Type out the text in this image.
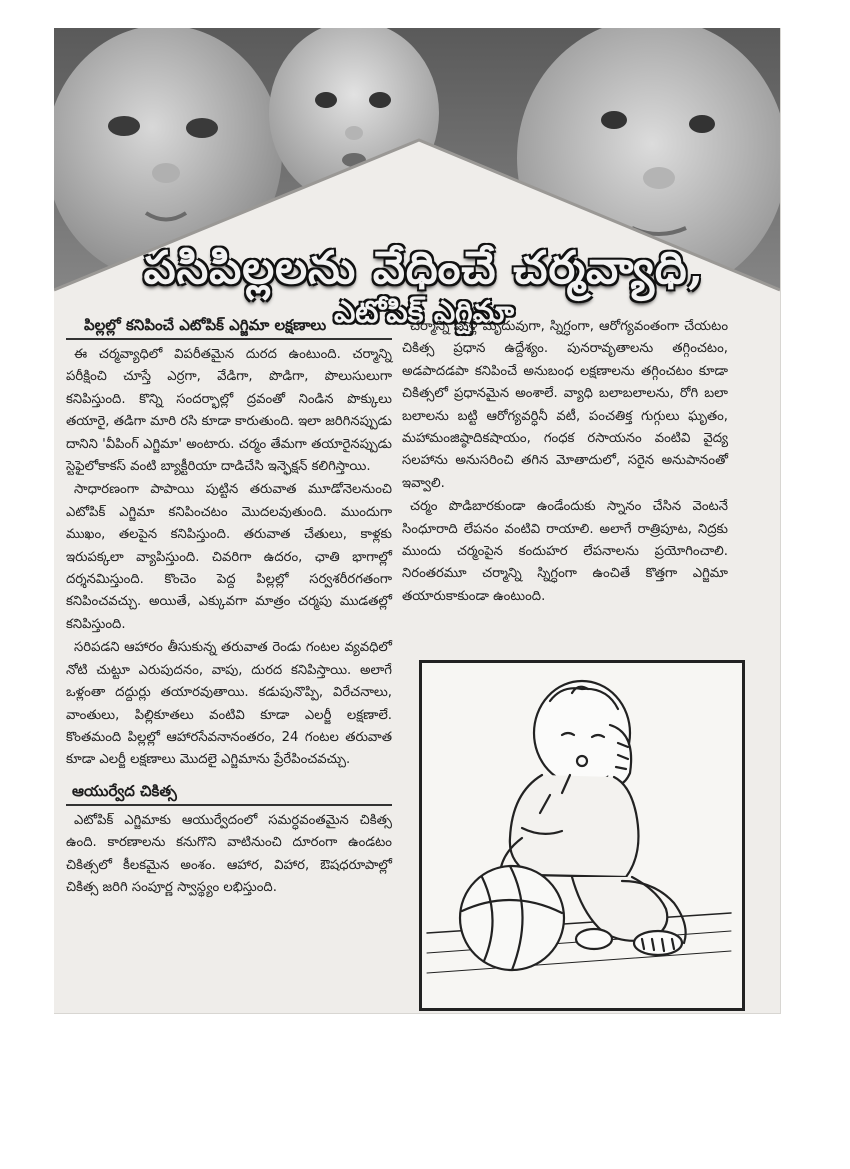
పసిపిల్లలను వేధించే చర్మవ్యాధి,
ఎటోపిక్ ఎగ్జిమా
పిల్లల్లో కనిపించే ఎటోపిక్ ఎగ్జిమా లక్షణాలు

ఈ చర్మవ్యాధిలో విపరీతమైన దురద ఉంటుంది. చర్మాన్ని పరీక్షించి చూస్తే ఎర్రగా, వేడిగా, పొడిగా, పొలుసులుగా కనిపిస్తుంది. కొన్ని సందర్భాల్లో ద్రవంతో నిండిన పొక్కులు తయారై, తడిగా మారి రసి కూడా కారుతుంది. ఇలా జరిగినప్పుడు దానిని 'వీపింగ్ ఎగ్జిమా' అంటారు. చర్మం తేమగా తయారైనప్పుడు స్టెఫైలోకాకస్ వంటి బ్యాక్టీరియా దాడిచేసి ఇన్ఫెక్షన్ కలిగిస్తాయి.

సాధారణంగా పాపాయి పుట్టిన తరువాత మూడోనెలనుంచి ఎటోపిక్ ఎగ్జిమా కనిపించటం మొదలవుతుంది. ముందుగా ముఖం, తలపైన కనిపిస్తుంది. తరువాత చేతులు, కాళ్లకు ఇరుపక్కలా వ్యాపిస్తుంది. చివరిగా ఉదరం, ఛాతి భాగాల్లో దర్శనమిస్తుంది. కొంచెం పెద్ద పిల్లల్లో సర్వశరీరగతంగా కనిపించవచ్చు. అయితే, ఎక్కువగా మాత్రం చర్మపు ముడతల్లో కనిపిస్తుంది.

సరిపడని ఆహారం తీసుకున్న తరువాత రెండు గంటల వ్యవధిలో నోటి చుట్టూ ఎరుపుదనం, వాపు, దురద కనిపిస్తాయి. అలాగే ఒళ్లంతా దద్దుర్లు తయారవుతాయి. కడుపునొప్పి, విరేచనాలు, వాంతులు, పిల్లికూతలు వంటివి కూడా ఎలర్జీ లక్షణాలే. కొంతమంది పిల్లల్లో ఆహారసేవనానంతరం, 24 గంటల తరువాత కూడా ఎలర్జీ లక్షణాలు మొదలై ఎగ్జిమాను ప్రేరేపించవచ్చు.

ఆయుర్వేద చికిత్స

ఎటోపిక్ ఎగ్జిమాకు ఆయుర్వేదంలో సమర్ధవంతమైన చికిత్స ఉంది. కారణాలను కనుగొని వాటినుంచి దూరంగా ఉండటం చికిత్సలో కీలకమైన అంశం. ఆహార, విహార, ఔషధరూపాల్లో చికిత్స జరిగి సంపూర్ణ స్వాస్థ్యం లభిస్తుంది.

చర్మాన్ని మళ్లీ మృదువుగా, స్నిగ్ధంగా, ఆరోగ్యవంతంగా చేయటం చికిత్స ప్రధాన ఉద్దేశ్యం. పునరావృతాలను తగ్గించటం, అడపాదడపా కనిపించే అనుబంధ లక్షణాలను తగ్గించటం కూడా చికిత్సలో ప్రధానమైన అంశాలే. వ్యాధి బలాబలాలను, రోగి బలా బలాలను బట్టి ఆరోగ్యవర్ధినీ వటీ, పంచతిక్త గుగ్గులు ఘృతం, మహామంజిష్ఠాదికషాయం, గంధక రసాయనం వంటివి వైద్య సలహాను అనుసరించి తగిన మోతాదులో, సరైన అనుపానంతో ఇవ్వాలి.

చర్మం పొడిబారకుండా ఉండేందుకు స్నానం చేసిన వెంటనే సింధూరాది లేపనం వంటివి రాయాలి. అలాగే రాత్రిపూట, నిద్రకు ముందు చర్మంపైన కందుహర లేపనాలను ప్రయోగించాలి. నిరంతరమూ చర్మాన్ని స్నిగ్ధంగా ఉంచితే కొత్తగా ఎగ్జిమా తయారుకాకుండా ఉంటుంది.
